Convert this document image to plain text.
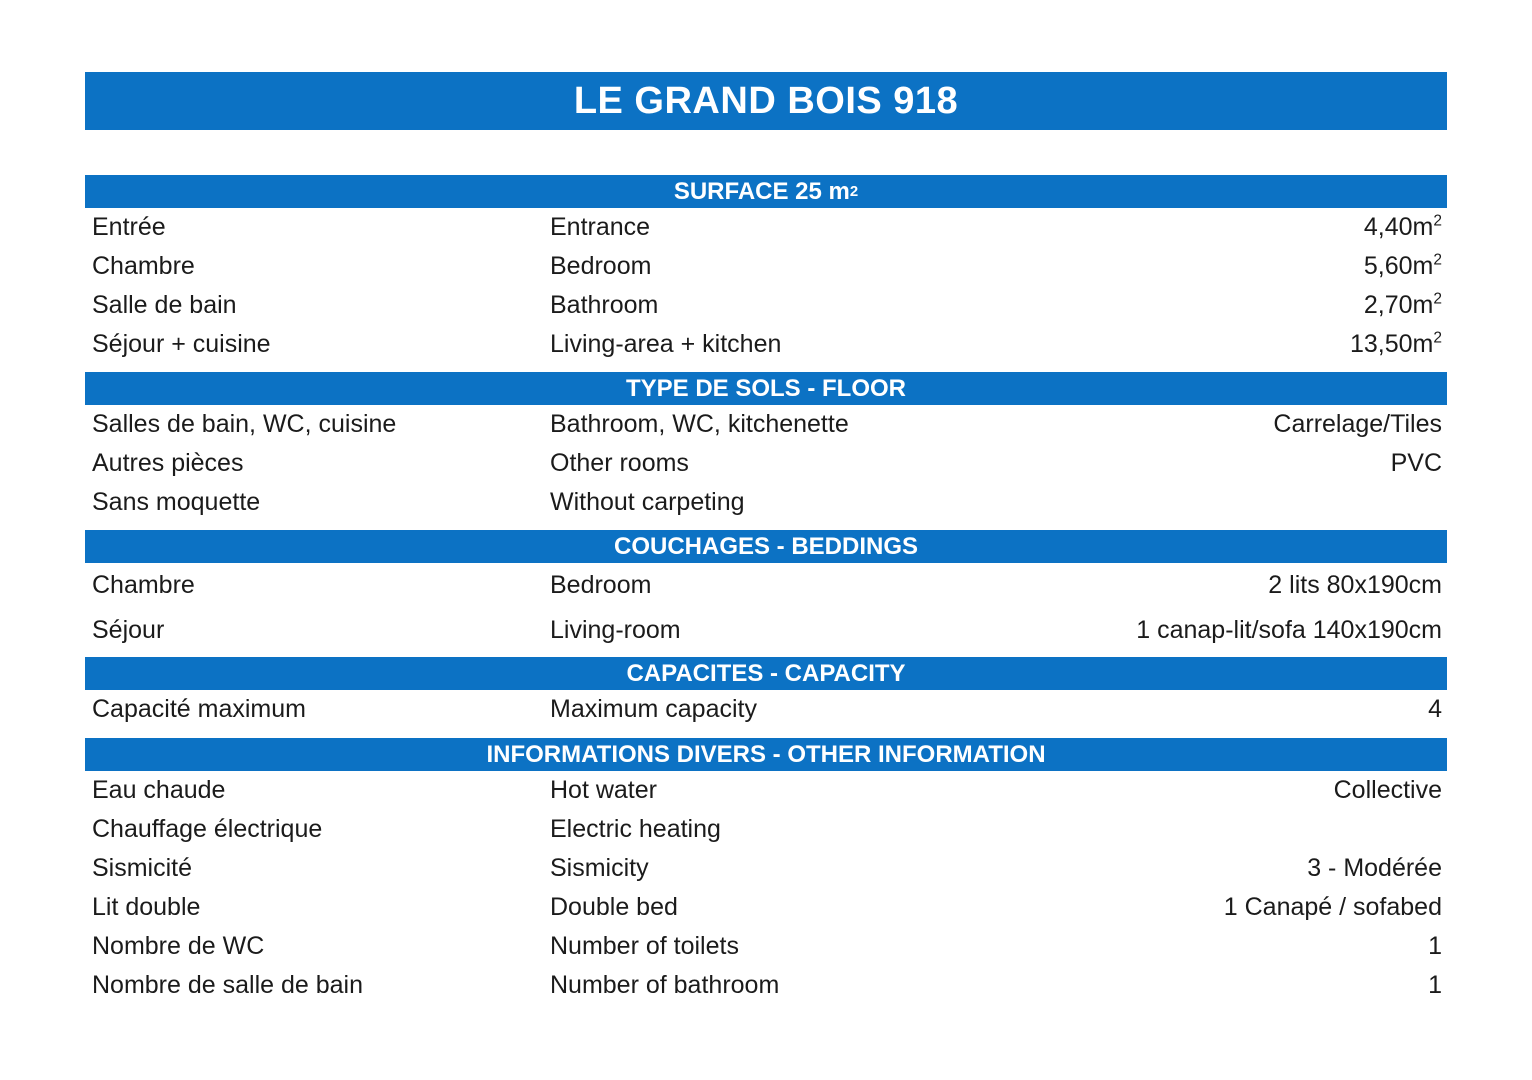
LE GRAND BOIS 918
SURFACE 25 m 2
Entrée	Entrance	$4,40m^2$
Chambre	Bedroom	$5,60m^2$
Salle de bain	Bathroom	$2,70m^2$
Séjour + cuisine	Living-area + kitchen	$13,50m^2$
TYPE DE SOLS - FLOOR
Salles de bain, WC, cuisine	Bathroom, WC, kitchenette	Carrelage/Tiles
Autres pièces	Other rooms	PVC
Sans moquette	Without carpeting
COUCHAGES - BEDDINGS
Chambre	Bedroom	2 lits 80x190cm
Séjour	Living-room	1 canap-lit/sofa 140x190cm
CAPACITES - CAPACITY
Capacité maximum	Maximum capacity	4
INFORMATIONS DIVERS - OTHER INFORMATION
Eau chaude	Hot water	Collective
Chauffage électrique	Electric heating
Sismicité	Sismicity	3 - Modérée
Lit double	Double bed	1 Canapé / sofabed
Nombre de WC	Number of toilets	1
Nombre de salle de bain	Number of bathroom	1
